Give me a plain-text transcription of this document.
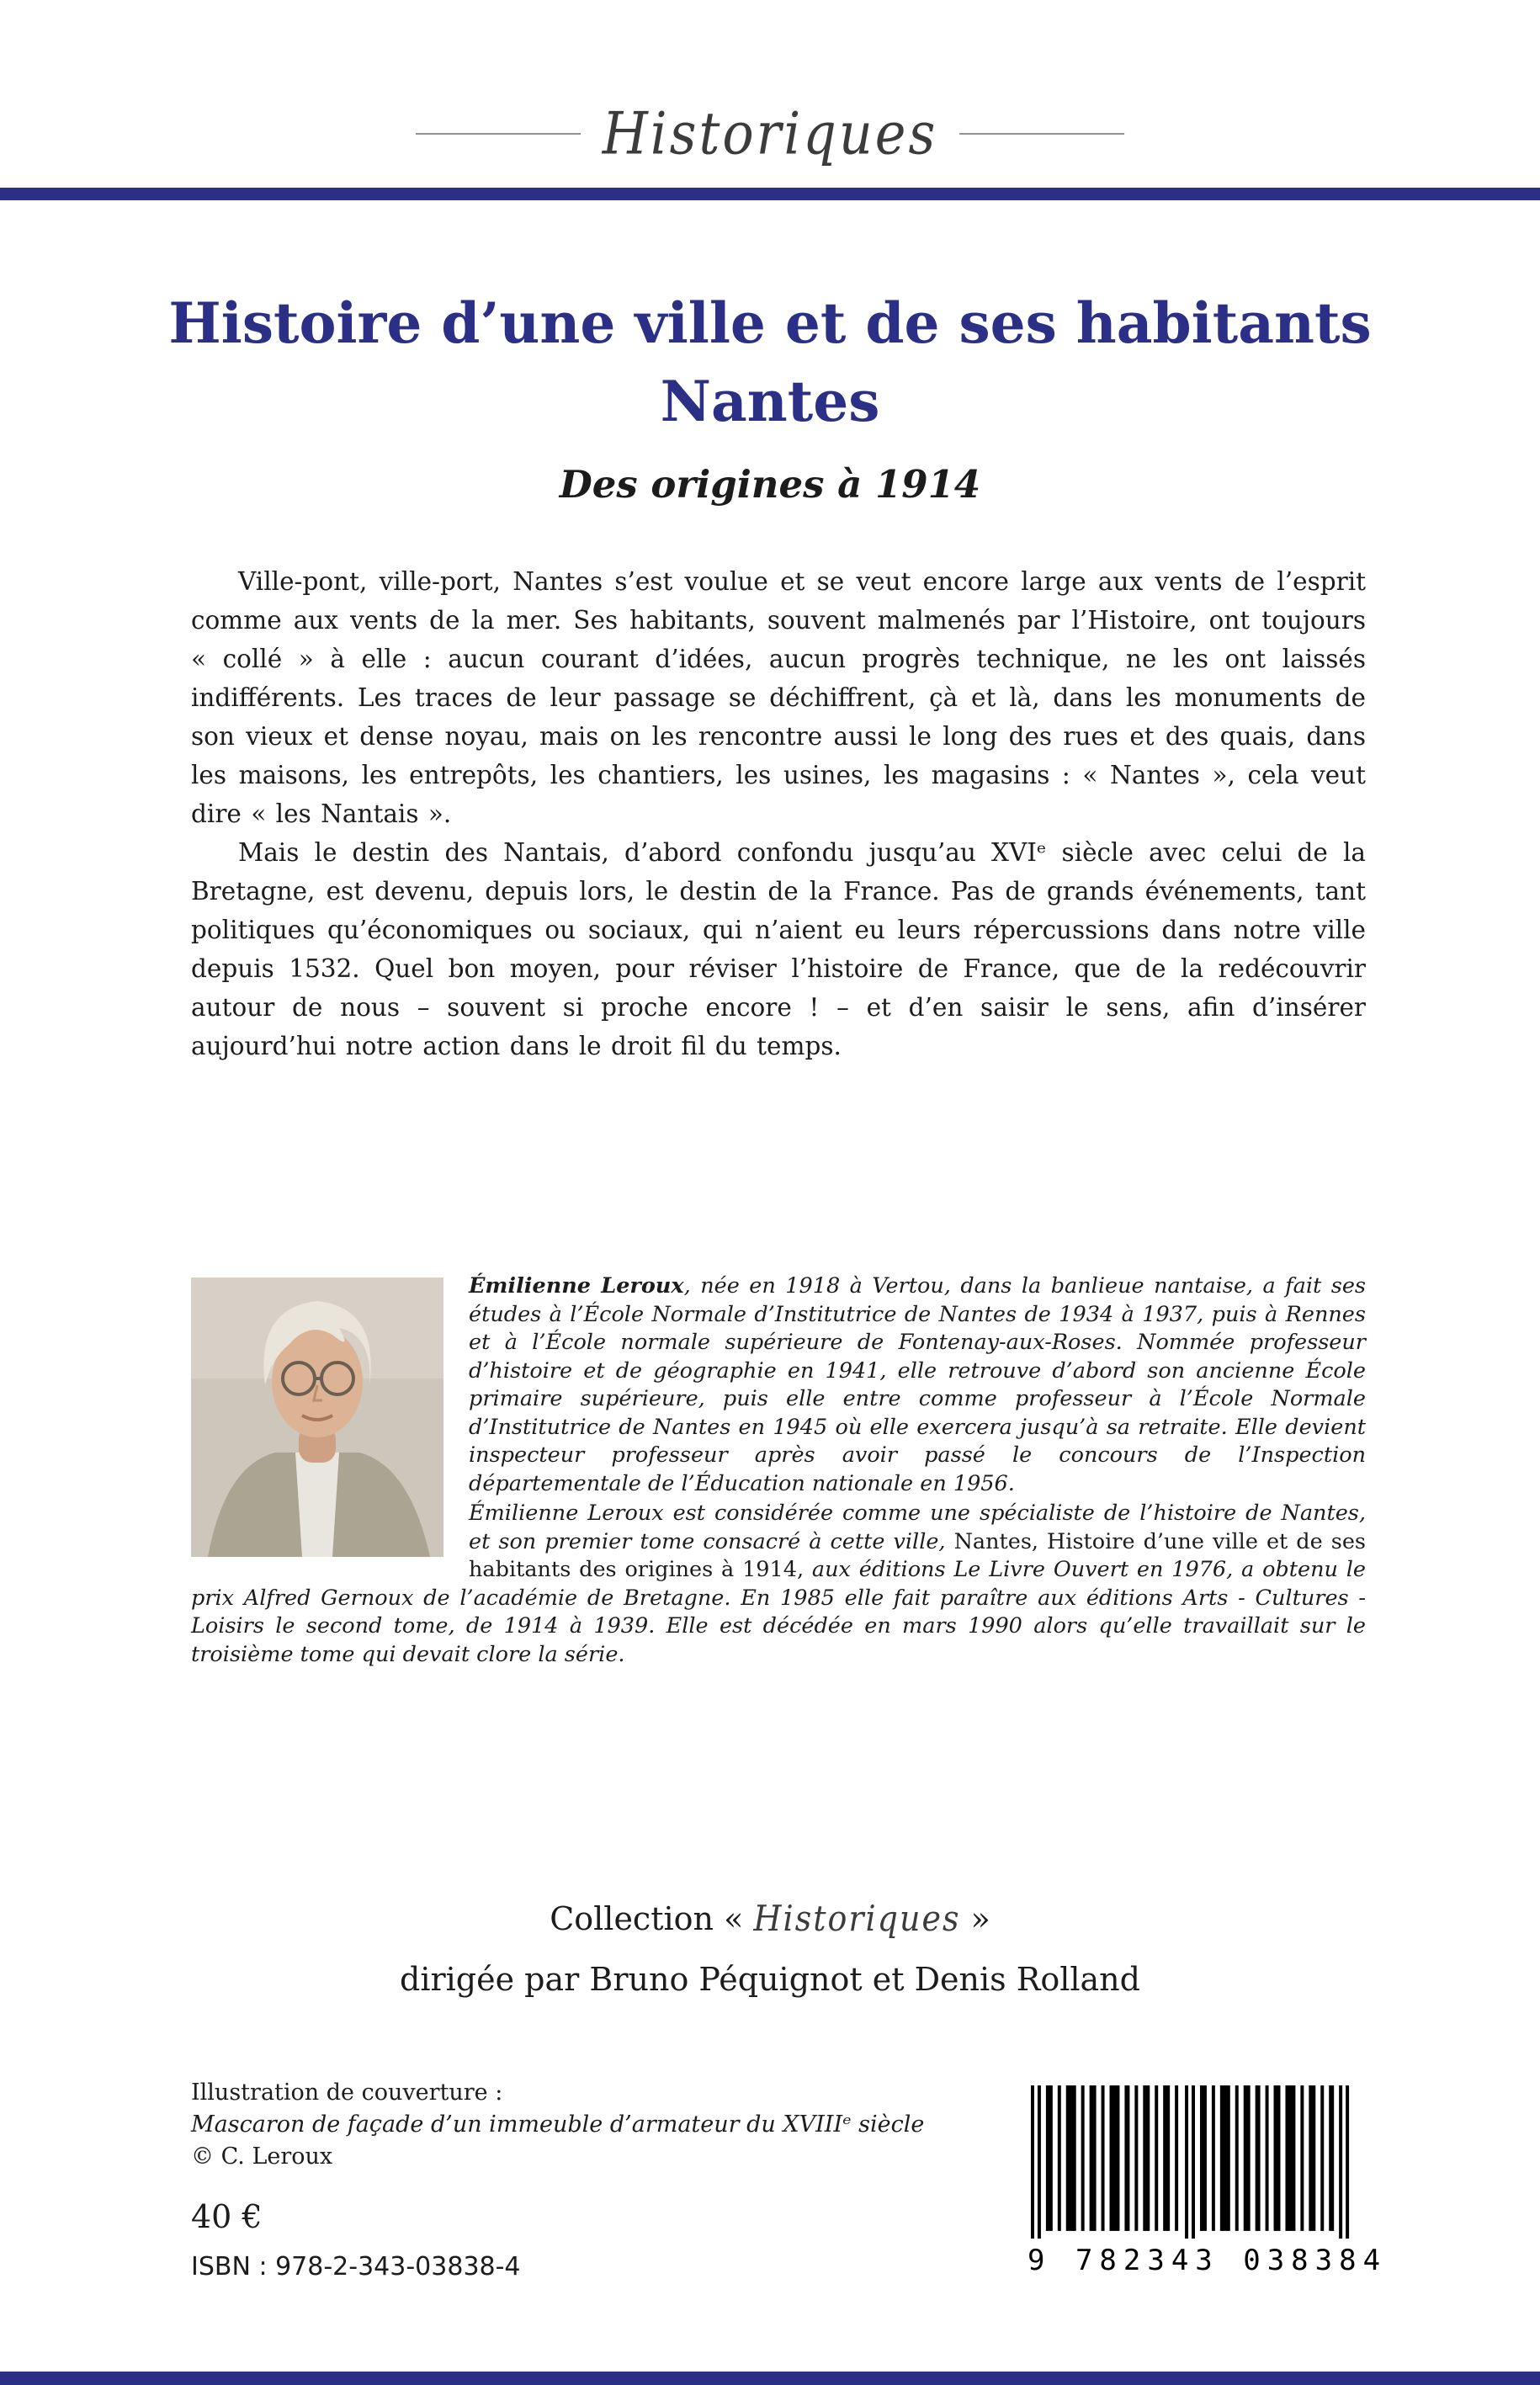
Historiques
Histoire d’une ville et de ses habitants
Nantes
Des origines à 1914

Ville-pont, ville-port, Nantes s’est voulue et se veut encore large aux vents de l’esprit comme aux vents de la mer. Ses habitants, souvent malmenés par l’Histoire, ont toujours « collé » à elle : aucun courant d’idées, aucun progrès technique, ne les ont laissés indifférents. Les traces de leur passage se déchiffrent, çà et là, dans les monuments de son vieux et dense noyau, mais on les rencontre aussi le long des rues et des quais, dans les maisons, les entrepôts, les chantiers, les usines, les magasins : « Nantes », cela veut dire « les Nantais ».

Mais le destin des Nantais, d’abord confondu jusqu’au XVIᵉ siècle avec celui de la Bretagne, est devenu, depuis lors, le destin de la France. Pas de grands événements, tant politiques qu’économiques ou sociaux, qui n’aient eu leurs répercussions dans notre ville depuis 1532. Quel bon moyen, pour réviser l’histoire de France, que de la redécouvrir autour de nous – souvent si proche encore ! – et d’en saisir le sens, afin d’insérer aujourd’hui notre action dans le droit fil du temps.

Émilienne Leroux, née en 1918 à Vertou, dans la banlieue nantaise, a fait ses études à l’École Normale d’Institutrice de Nantes de 1934 à 1937, puis à Rennes et à l’École normale supérieure de Fontenay-aux-Roses. Nommée professeur d’histoire et de géographie en 1941, elle retrouve d’abord son ancienne École primaire supérieure, puis elle entre comme professeur à l’École Normale d’Institutrice de Nantes en 1945 où elle exercera jusqu’à sa retraite. Elle devient inspecteur professeur après avoir passé le concours de l’Inspection départementale de l’Éducation nationale en 1956.

Émilienne Leroux est considérée comme une spécialiste de l’histoire de Nantes, et son premier tome consacré à cette ville, Nantes, Histoire d’une ville et de ses habitants des origines à 1914, aux éditions Le Livre Ouvert en 1976, a obtenu le prix Alfred Gernoux de l’académie de Bretagne. En 1985 elle fait paraître aux éditions Arts - Cultures - Loisirs le second tome, de 1914 à 1939. Elle est décédée en mars 1990 alors qu’elle travaillait sur le troisième tome qui devait clore la série.

Collection « Historiques »
dirigée par Bruno Péquignot et Denis Rolland
Illustration de couverture :
Mascaron de façade d’un immeuble d’armateur du XVIIIᵉ siècle
© C. Leroux
40 €
ISBN : 978-2-343-03838-4	9 782343 038384
